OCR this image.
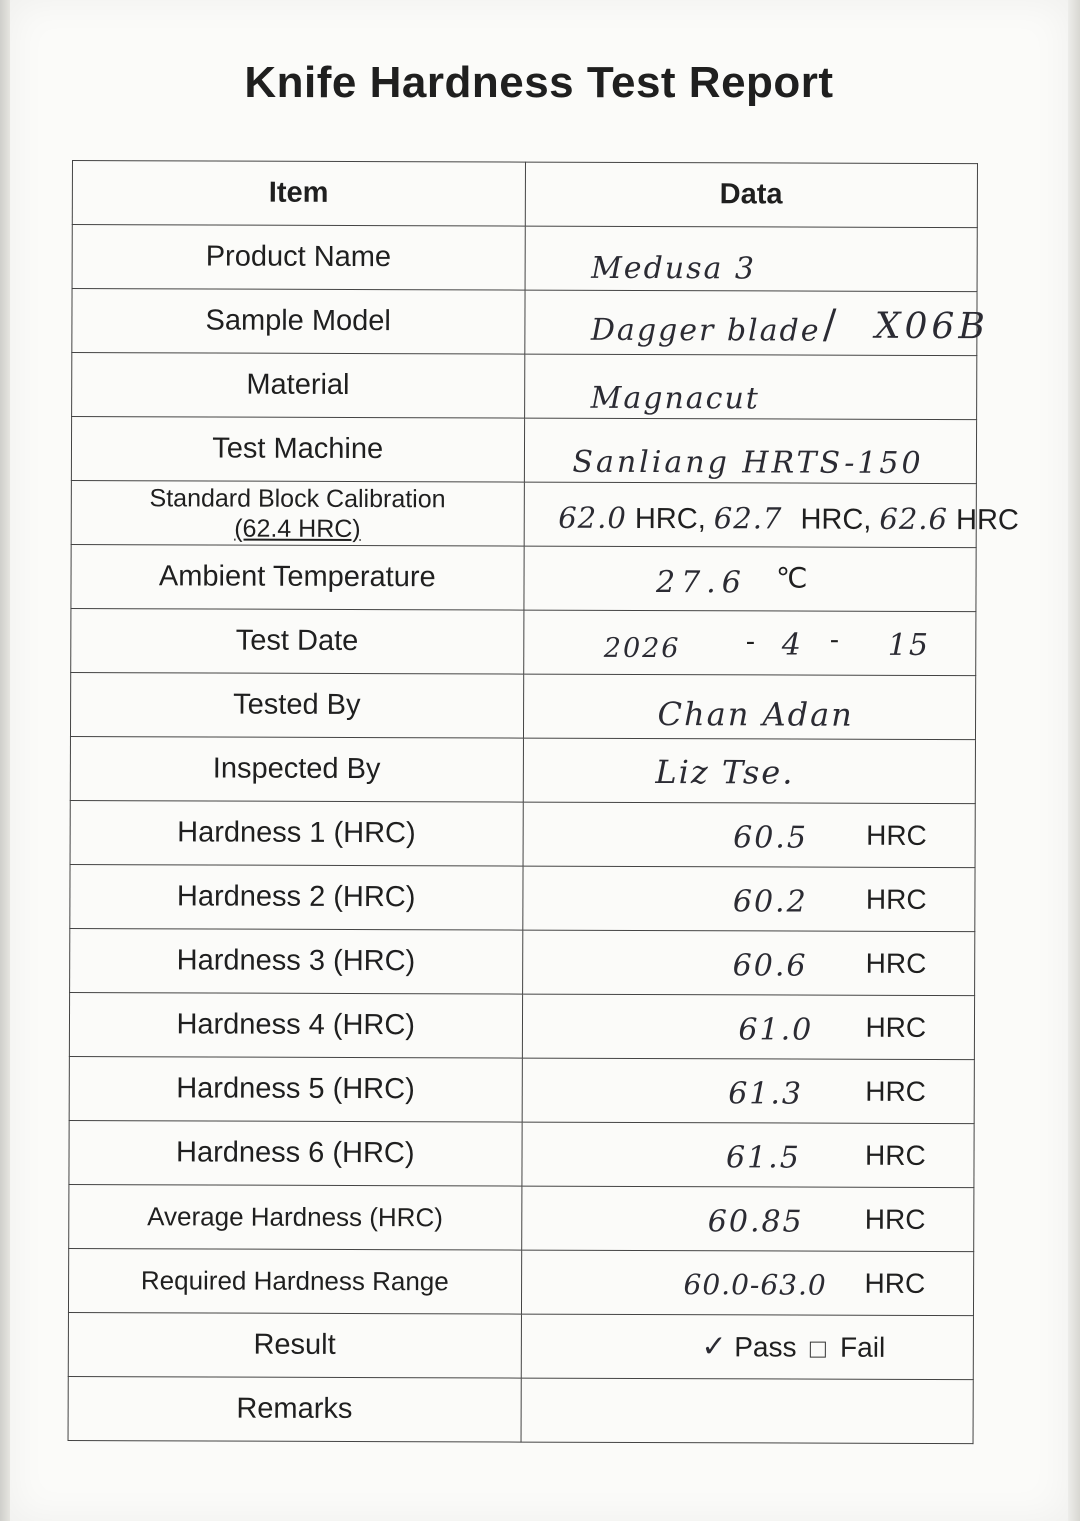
Knife Hardness Test Report
Item	Data
Product Name	Medusa 3

Sample Model	Dagger blade / X06B

Material	Magnacut

Test Machine	Sanliang HRTS-150

Standard Block Calibration
(62.4 HRC)	62.0 HRC, 62.7 HRC, 62.6 HRC

Ambient Temperature	27.6 ℃

Test Date	2026 - 4 - 15

Tested By	Chan Adan

Inspected By	Liz Tse.

Hardness 1 (HRC)	60.5 HRC

Hardness 2 (HRC)	60.2 HRC

Hardness 3 (HRC)	60.6 HRC

Hardness 4 (HRC)	61.0 HRC

Hardness 5 (HRC)	61.3 HRC

Hardness 6 (HRC)	61.5 HRC

Average Hardness (HRC)	60.85 HRC

Required Hardness Range	60.0-63.0 HRC

Result	✓ Pass Fail

Remarks	
